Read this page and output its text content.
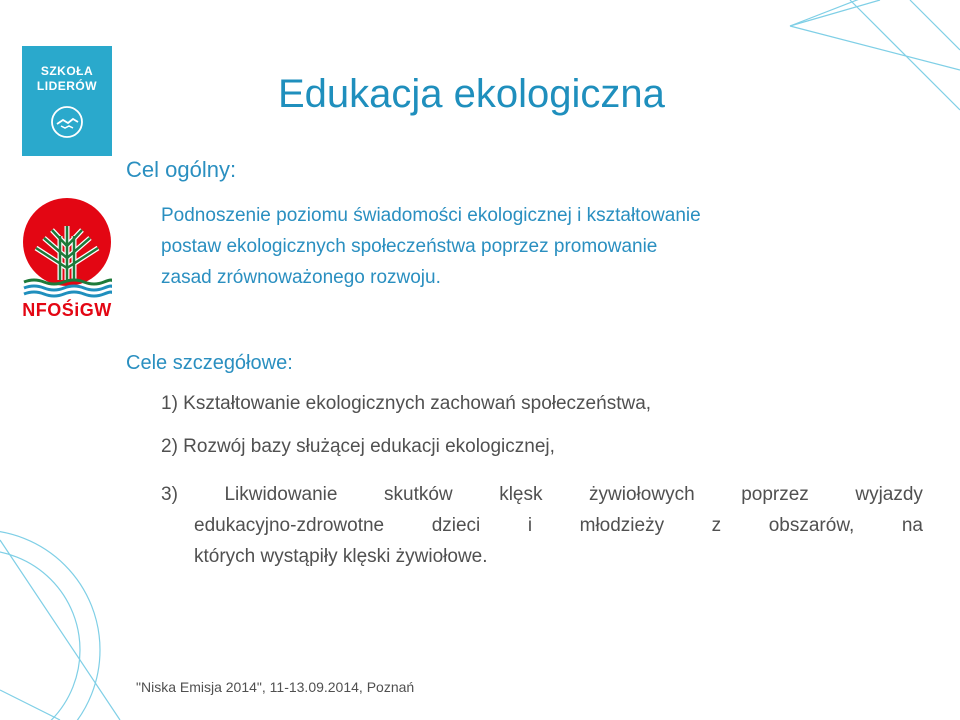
SZKOŁA
LIDERÓW
NFOŚiGW
Edukacja ekologiczna
Cel ogólny:
Podnoszenie poziomu świadomości ekologicznej i kształtowanie
postaw ekologicznych społeczeństwa poprzez promowanie
zasad zrównoważonego rozwoju.
Cele szczegółowe:
1) Kształtowanie ekologicznych zachowań społeczeństwa,
2) Rozwój bazy służącej edukacji ekologicznej,
3) Likwidowanie skutków klęsk żywiołowych poprzez wyjazdy
edukacyjno-zdrowotne	dzieci	i	młodzieży	z	obszarów,	na
których wystąpiły klęski żywiołowe.
"Niska Emisja 2014", 11-13.09.2014, Poznań
